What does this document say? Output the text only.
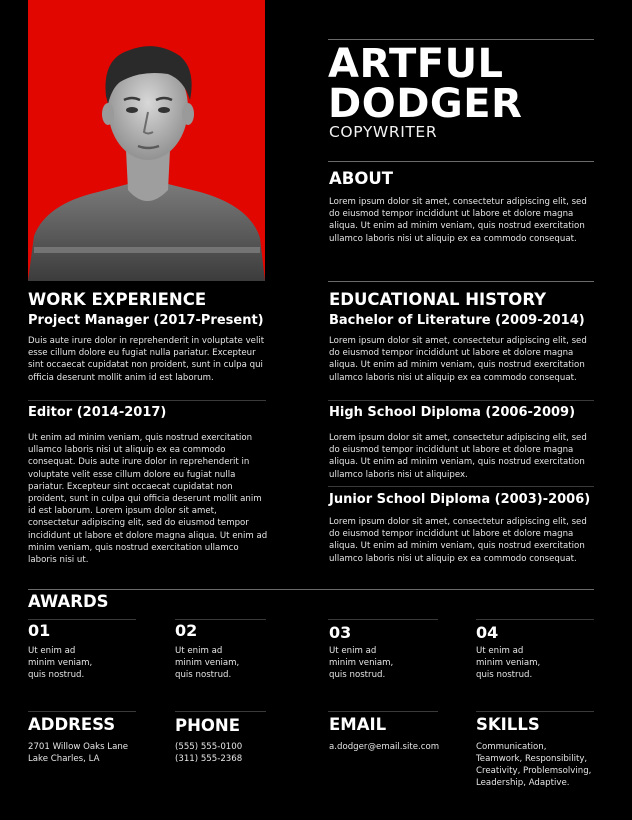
ARTFUL
DODGER
COPYWRITER
ABOUT
Lorem ipsum dolor sit amet, consectetur adipiscing elit, sed do eiusmod tempor incididunt ut labore et dolore magna aliqua. Ut enim ad minim veniam, quis nostrud exercitation ullamco laboris nisi ut aliquip ex ea commodo consequat.
WORK EXPERIENCE
Project Manager (2017-Present)
Duis aute irure dolor in reprehenderit in voluptate velit esse cillum dolore eu fugiat nulla pariatur. Excepteur sint occaecat cupidatat non proident, sunt in culpa qui officia deserunt mollit anim id est laborum.
Editor (2014-2017)
Ut enim ad minim veniam, quis nostrud exercitation ullamco laboris nisi ut aliquip ex ea commodo consequat. Duis aute irure dolor in reprehenderit in voluptate velit esse cillum dolore eu fugiat nulla pariatur. Excepteur sint occaecat cupidatat non proident, sunt in culpa qui officia deserunt mollit anim id est laborum. Lorem ipsum dolor sit amet, consectetur adipiscing elit, sed do eiusmod tempor incididunt ut labore et dolore magna aliqua. Ut enim ad minim veniam, quis nostrud exercitation ullamco laboris nisi ut.
EDUCATIONAL HISTORY
Bachelor of Literature (2009-2014)
Lorem ipsum dolor sit amet, consectetur adipiscing elit, sed do eiusmod tempor incididunt ut labore et dolore magna aliqua. Ut enim ad minim veniam, quis nostrud exercitation ullamco laboris nisi ut aliquip ex ea commodo consequat.
High School Diploma (2006-2009)
Lorem ipsum dolor sit amet, consectetur adipiscing elit, sed do eiusmod tempor incididunt ut labore et dolore magna aliqua. Ut enim ad minim veniam, quis nostrud exercitation ullamco laboris nisi ut aliquipex.
Junior School Diploma (2003)-2006)
Lorem ipsum dolor sit amet, consectetur adipiscing elit, sed do eiusmod tempor incididunt ut labore et dolore magna aliqua. Ut enim ad minim veniam, quis nostrud exercitation ullamco laboris nisi ut aliquip ex ea commodo consequat.
AWARDS
01
Ut enim ad
minim veniam,
quis nostrud.
02
Ut enim ad
minim veniam,
quis nostrud.
03
Ut enim ad
minim veniam,
quis nostrud.
04
Ut enim ad
minim veniam,
quis nostrud.
ADDRESS
2701 Willow Oaks Lane
Lake Charles, LA
PHONE
(555) 555-0100
(311) 555-2368
EMAIL
a.dodger@email.site.com
SKILLS
Communication,
Teamwork, Responsibility,
Creativity, Problemsolving,
Leadership, Adaptive.
